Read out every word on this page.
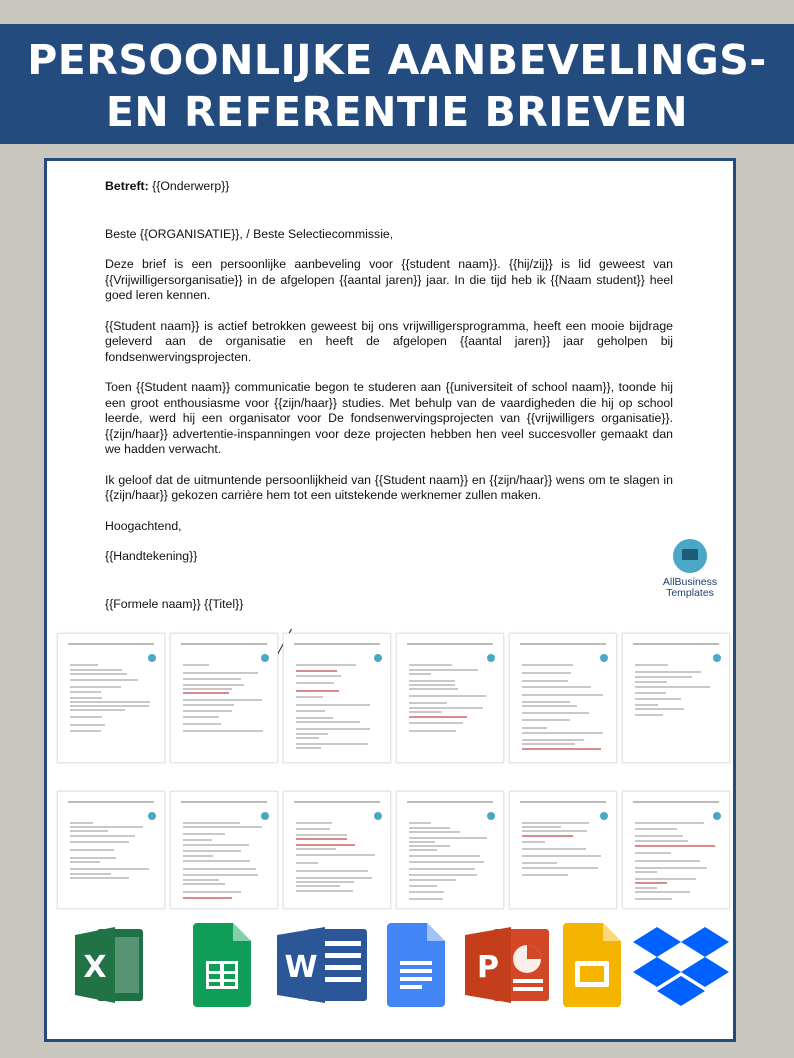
PERSOONLIJKE AANBEVELINGS-
EN REFERENTIE BRIEVEN

Betreft: {{Onderwerp}}

Beste {{ORGANISATIE}}, / Beste Selectiecommissie,

Deze brief is een persoonlijke aanbeveling voor {{student naam}}. {{hij/zij}} is lid geweest van {{Vrijwilligersorganisatie}} in de afgelopen {{aantal jaren}} jaar. In die tijd heb ik {{Naam student}} heel goed leren kennen.

{{Student naam}} is actief betrokken geweest bij ons vrijwilligersprogramma, heeft een mooie bijdrage geleverd aan de organisatie en heeft de afgelopen {{aantal jaren}} jaar geholpen bij fondsenwervingsprojecten.

Toen {{Student naam}} communicatie begon te studeren aan {{universiteit of school naam}}, toonde hij een groot enthousiasme voor {{zijn/haar}} studies. Met behulp van de vaardigheden die hij op school leerde, werd hij een organisator voor De fondsenwervingsprojecten van {{vrijwilligers organisatie}}. {{zijn/haar}} advertentie-inspanningen voor deze projecten hebben hen veel succesvoller gemaakt dan we hadden verwacht.

Ik geloof dat de uitmuntende persoonlijkheid van {{Student naam}} en {{zijn/haar}} wens om te slagen in {{zijn/haar}} gekozen carrière hem tot een uitstekende werknemer zullen maken.

Hoogachtend,

{{Handtekening}}

{{Formele naam}} {{Titel}}

AllBusiness
Templates
X	W	P
